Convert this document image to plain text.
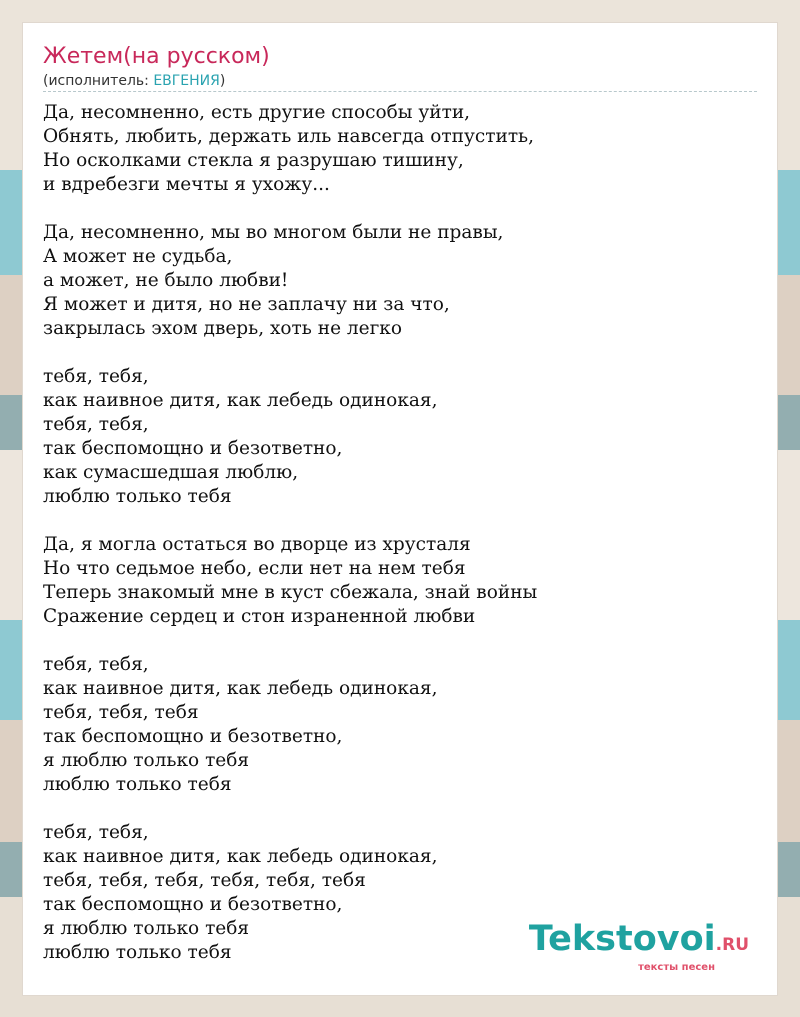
Жетем(на русском)
(исполнитель: ЕВГЕНИЯ)
Да, несомненно, есть другие способы уйти,
Обнять, любить, держать иль навсегда отпустить,
Но осколками стекла я разрушаю тишину,
и вдребезги мечты я ухожу...
Да, несомненно, мы во многом были не правы,
А может не судьба,
а может, не было любви!
Я может и дитя, но не заплачу ни за что,
закрылась эхом дверь, хоть не легко
тебя, тебя,
как наивное дитя, как лебедь одинокая,
тебя, тебя,
так беспомощно и безответно,
как сумасшедшая люблю,
люблю только тебя
Да, я могла остаться во дворце из хрусталя
Но что седьмое небо, если нет на нем тебя
Теперь знакомый мне в куст сбежала, знай войны
Сражение сердец и стон израненной любви
тебя, тебя,
как наивное дитя, как лебедь одинокая,
тебя, тебя, тебя
так беспомощно и безответно,
я люблю только тебя
люблю только тебя
тебя, тебя,
как наивное дитя, как лебедь одинокая,
тебя, тебя, тебя, тебя, тебя, тебя
так беспомощно и безответно,
я люблю только тебя
люблю только тебя	Tekstovoi.RU
тексты песен
